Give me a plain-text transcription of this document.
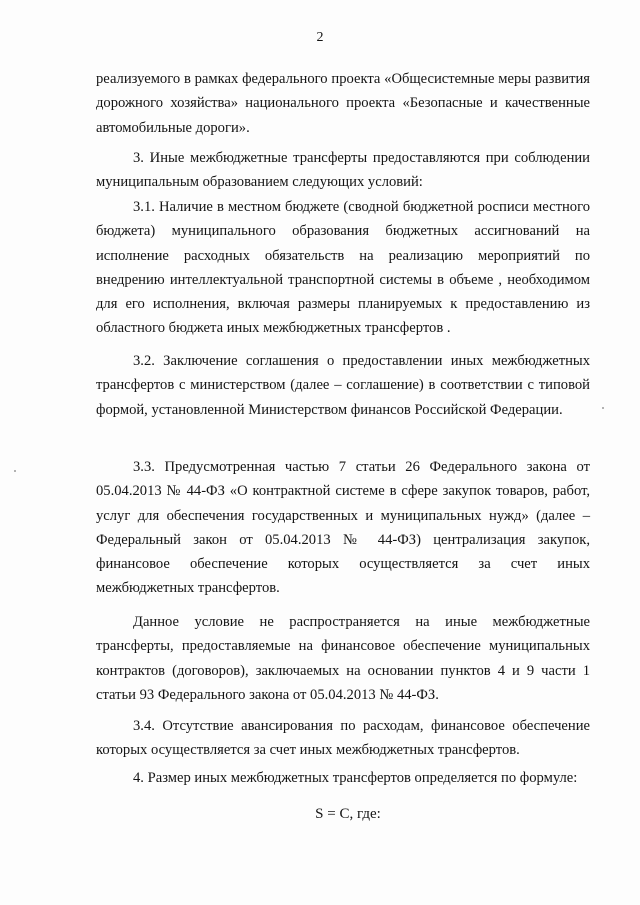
2

реализуемого в рамках федерального проекта «Общесистемные меры развития дорожного хозяйства» национального проекта «Безопасные и качественные автомобильные дороги».

3. Иные межбюджетные трансферты предоставляются при соблюдении муниципальным образованием следующих условий:

3.1. Наличие в местном бюджете (сводной бюджетной росписи местного бюджета) муниципального образования бюджетных ассигнований на исполнение расходных обязательств на реализацию мероприятий по внедрению интеллектуальной транспортной системы в объеме , необходимом для его исполнения, включая размеры планируемых к предоставлению из областного бюджета иных межбюджетных трансфертов .

3.2. Заключение соглашения о предоставлении иных межбюджетных трансфертов с министерством (далее – соглашение) в соответствии с типовой формой, установленной Министерством финансов Российской Федерации.

3.3. Предусмотренная частью 7 статьи 26 Федерального закона от 05.04.2013 № 44-ФЗ «О контрактной системе в сфере закупок товаров, работ, услуг для обеспечения государственных и муниципальных нужд» (далее – Федеральный закон от 05.04.2013 № 44-ФЗ) централизация закупок, финансовое обеспечение которых осуществляется за счет иных межбюджетных трансфертов.

Данное условие не распространяется на иные межбюджетные трансферты, предоставляемые на финансовое обеспечение муниципальных контрактов (договоров), заключаемых на основании пунктов 4 и 9 части 1 статьи 93 Федерального закона от 05.04.2013 № 44-ФЗ.

3.4. Отсутствие авансирования по расходам, финансовое обеспечение которых осуществляется за счет иных межбюджетных трансфертов.

4. Размер иных межбюджетных трансфертов определяется по формуле:

S = C, где:
